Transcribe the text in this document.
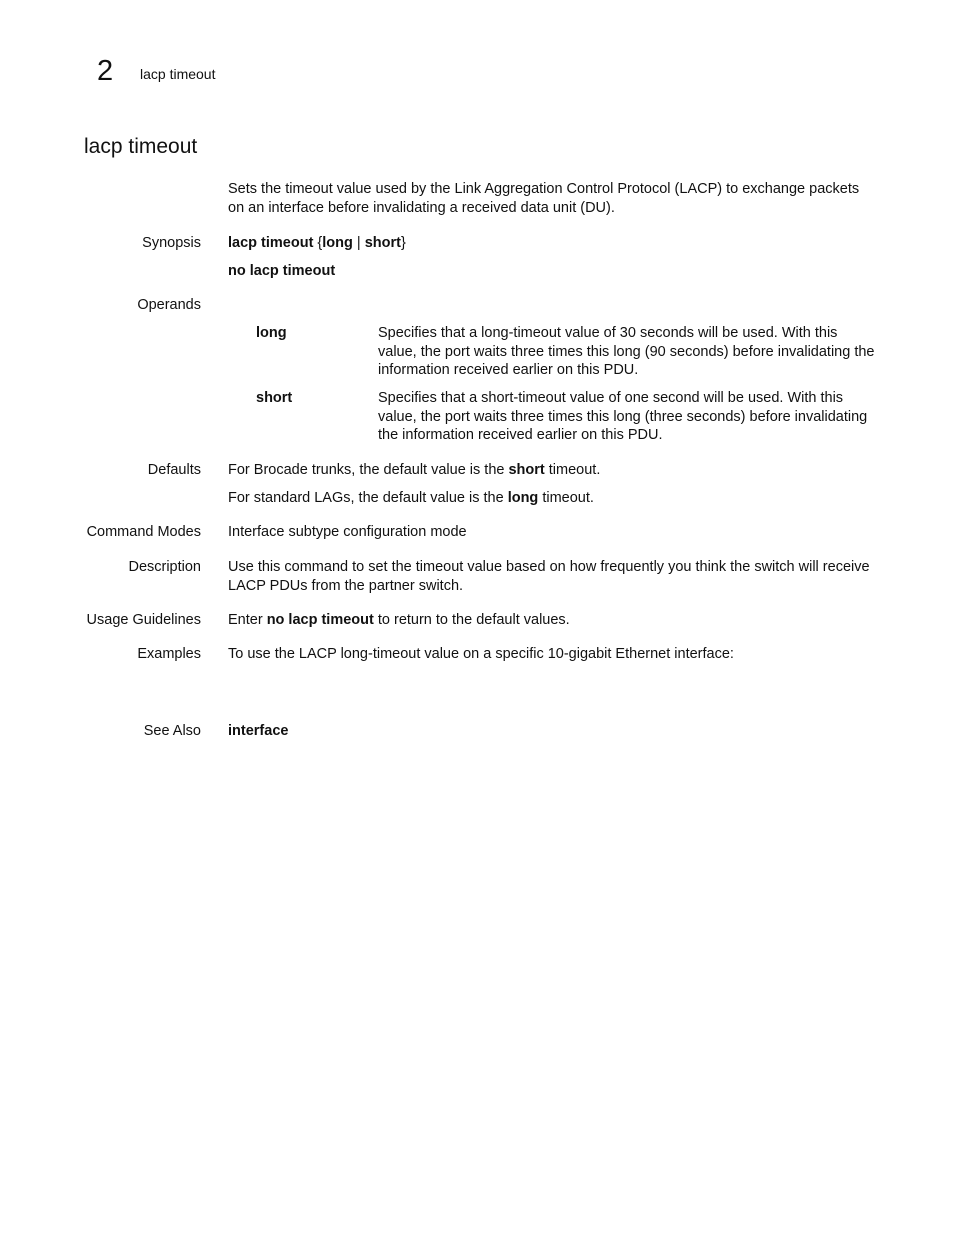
2 lacp timeout
lacp timeout
Sets the timeout value used by the Link Aggregation Control Protocol (LACP) to exchange packets on an interface before invalidating a received data unit (DU).
Synopsis lacp timeout {long | short}
no lacp timeout
Operands
long	Specifies that a long-timeout value of 30 seconds will be used. With this value, the port waits three times this long (90 seconds) before invalidating the information received earlier on this PDU.
short	Specifies that a short-timeout value of one second will be used. With this value, the port waits three times this long (three seconds) before invalidating the information received earlier on this PDU.
Defaults For Brocade trunks, the default value is the short timeout.
For standard LAGs, the default value is the long timeout.
Command Modes Interface subtype configuration mode
Description Use this command to set the timeout value based on how frequently you think the switch will receive LACP PDUs from the partner switch.
Usage Guidelines Enter no lacp timeout to return to the default values.
Examples To use the LACP long-timeout value on a specific 10-gigabit Ethernet interface:
See Also interface
